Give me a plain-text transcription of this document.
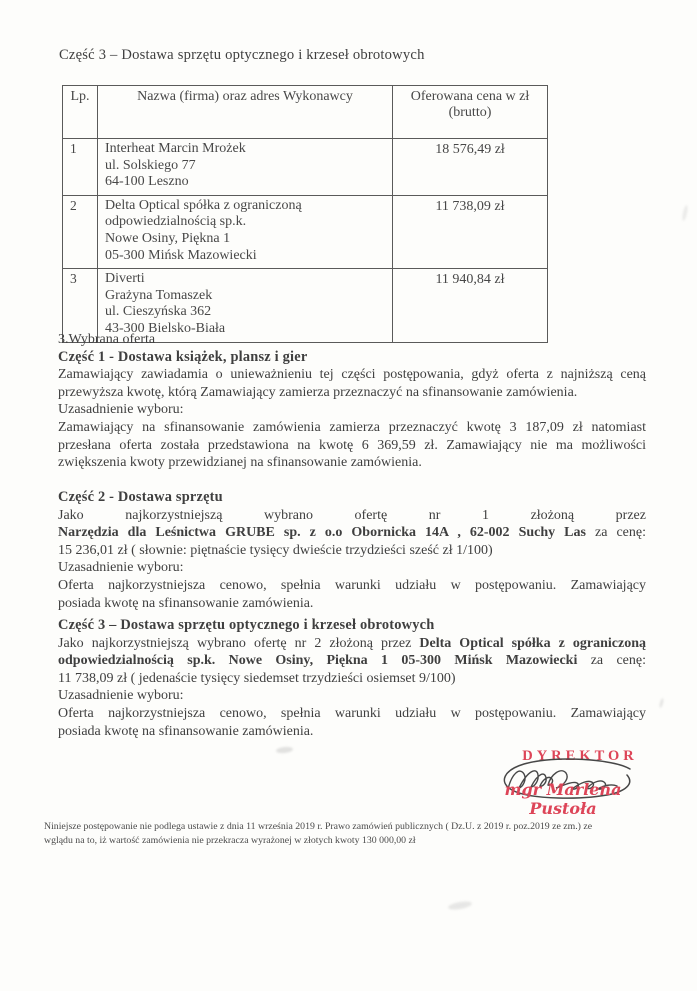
Część 3 – Dostawa sprzętu optycznego i krzeseł obrotowych
Lp.	Nazwa (firma) oraz adres Wykonawcy	Oferowana cena w zł
(brutto)

1	Interheat Marcin Mrożek
ul. Solskiego 77
64-100 Leszno	18 576,49 zł
2	Delta Optical spółka z ograniczoną
odpowiedzialnością sp.k.
Nowe Osiny, Piękna 1
05-300 Mińsk Mazowiecki	11 738,09 zł
3	Diverti
Grażyna Tomaszek
ul. Cieszyńska 362
43-300 Bielsko-Biała	11 940,84 zł
3.Wybrana oferta
Część 1 - Dostawa książek, plansz i gier
Zamawiający zawiadamia o unieważnieniu tej części postępowania, gdyż oferta z najniższą ceną
przewyższa kwotę, którą Zamawiający zamierza przeznaczyć na sfinansowanie zamówienia.
Uzasadnienie wyboru:
Zamawiający na sfinansowanie zamówienia zamierza przeznaczyć kwotę 3 187,09 zł natomiast
przesłana oferta została przedstawiona na kwotę 6 369,59 zł. Zamawiający nie ma możliwości
zwiększenia kwoty przewidzianej na sfinansowanie zamówienia.
Część 2 - Dostawa sprzętu
Jako najkorzystniejszą wybrano ofertę nr 1 złożoną przez
Narzędzia dla Leśnictwa GRUBE sp. z o.o Obornicka 14A , 62-002 Suchy Las za cenę:
15 236,01 zł ( słownie: piętnaście tysięcy dwieście trzydzieści sześć zł 1/100)
Uzasadnienie wyboru:
Oferta najkorzystniejsza cenowo, spełnia warunki udziału w postępowaniu. Zamawiający
posiada kwotę na sfinansowanie zamówienia.
Część 3 – Dostawa sprzętu optycznego i krzeseł obrotowych
Jako najkorzystniejszą wybrano ofertę nr 2 złożoną przez Delta Optical spółka z ograniczoną
odpowiedzialnością sp.k. Nowe Osiny, Piękna 1 05-300 Mińsk Mazowiecki za cenę:
11 738,09 zł ( jedenaście tysięcy siedemset trzydzieści osiemset 9/100)
Uzasadnienie wyboru:
Oferta najkorzystniejsza cenowo, spełnia warunki udziału w postępowaniu. Zamawiający
posiada kwotę na sfinansowanie zamówienia.
DYREKTOR
mgr Marlena Pustoła
Niniejsze postępowanie nie podlega ustawie z dnia 11 września 2019 r. Prawo zamówień publicznych ( Dz.U. z 2019 r. poz.2019 ze zm.) ze
wglądu na to, iż wartość zamówienia nie przekracza wyrażonej w złotych kwoty 130 000,00 zł
